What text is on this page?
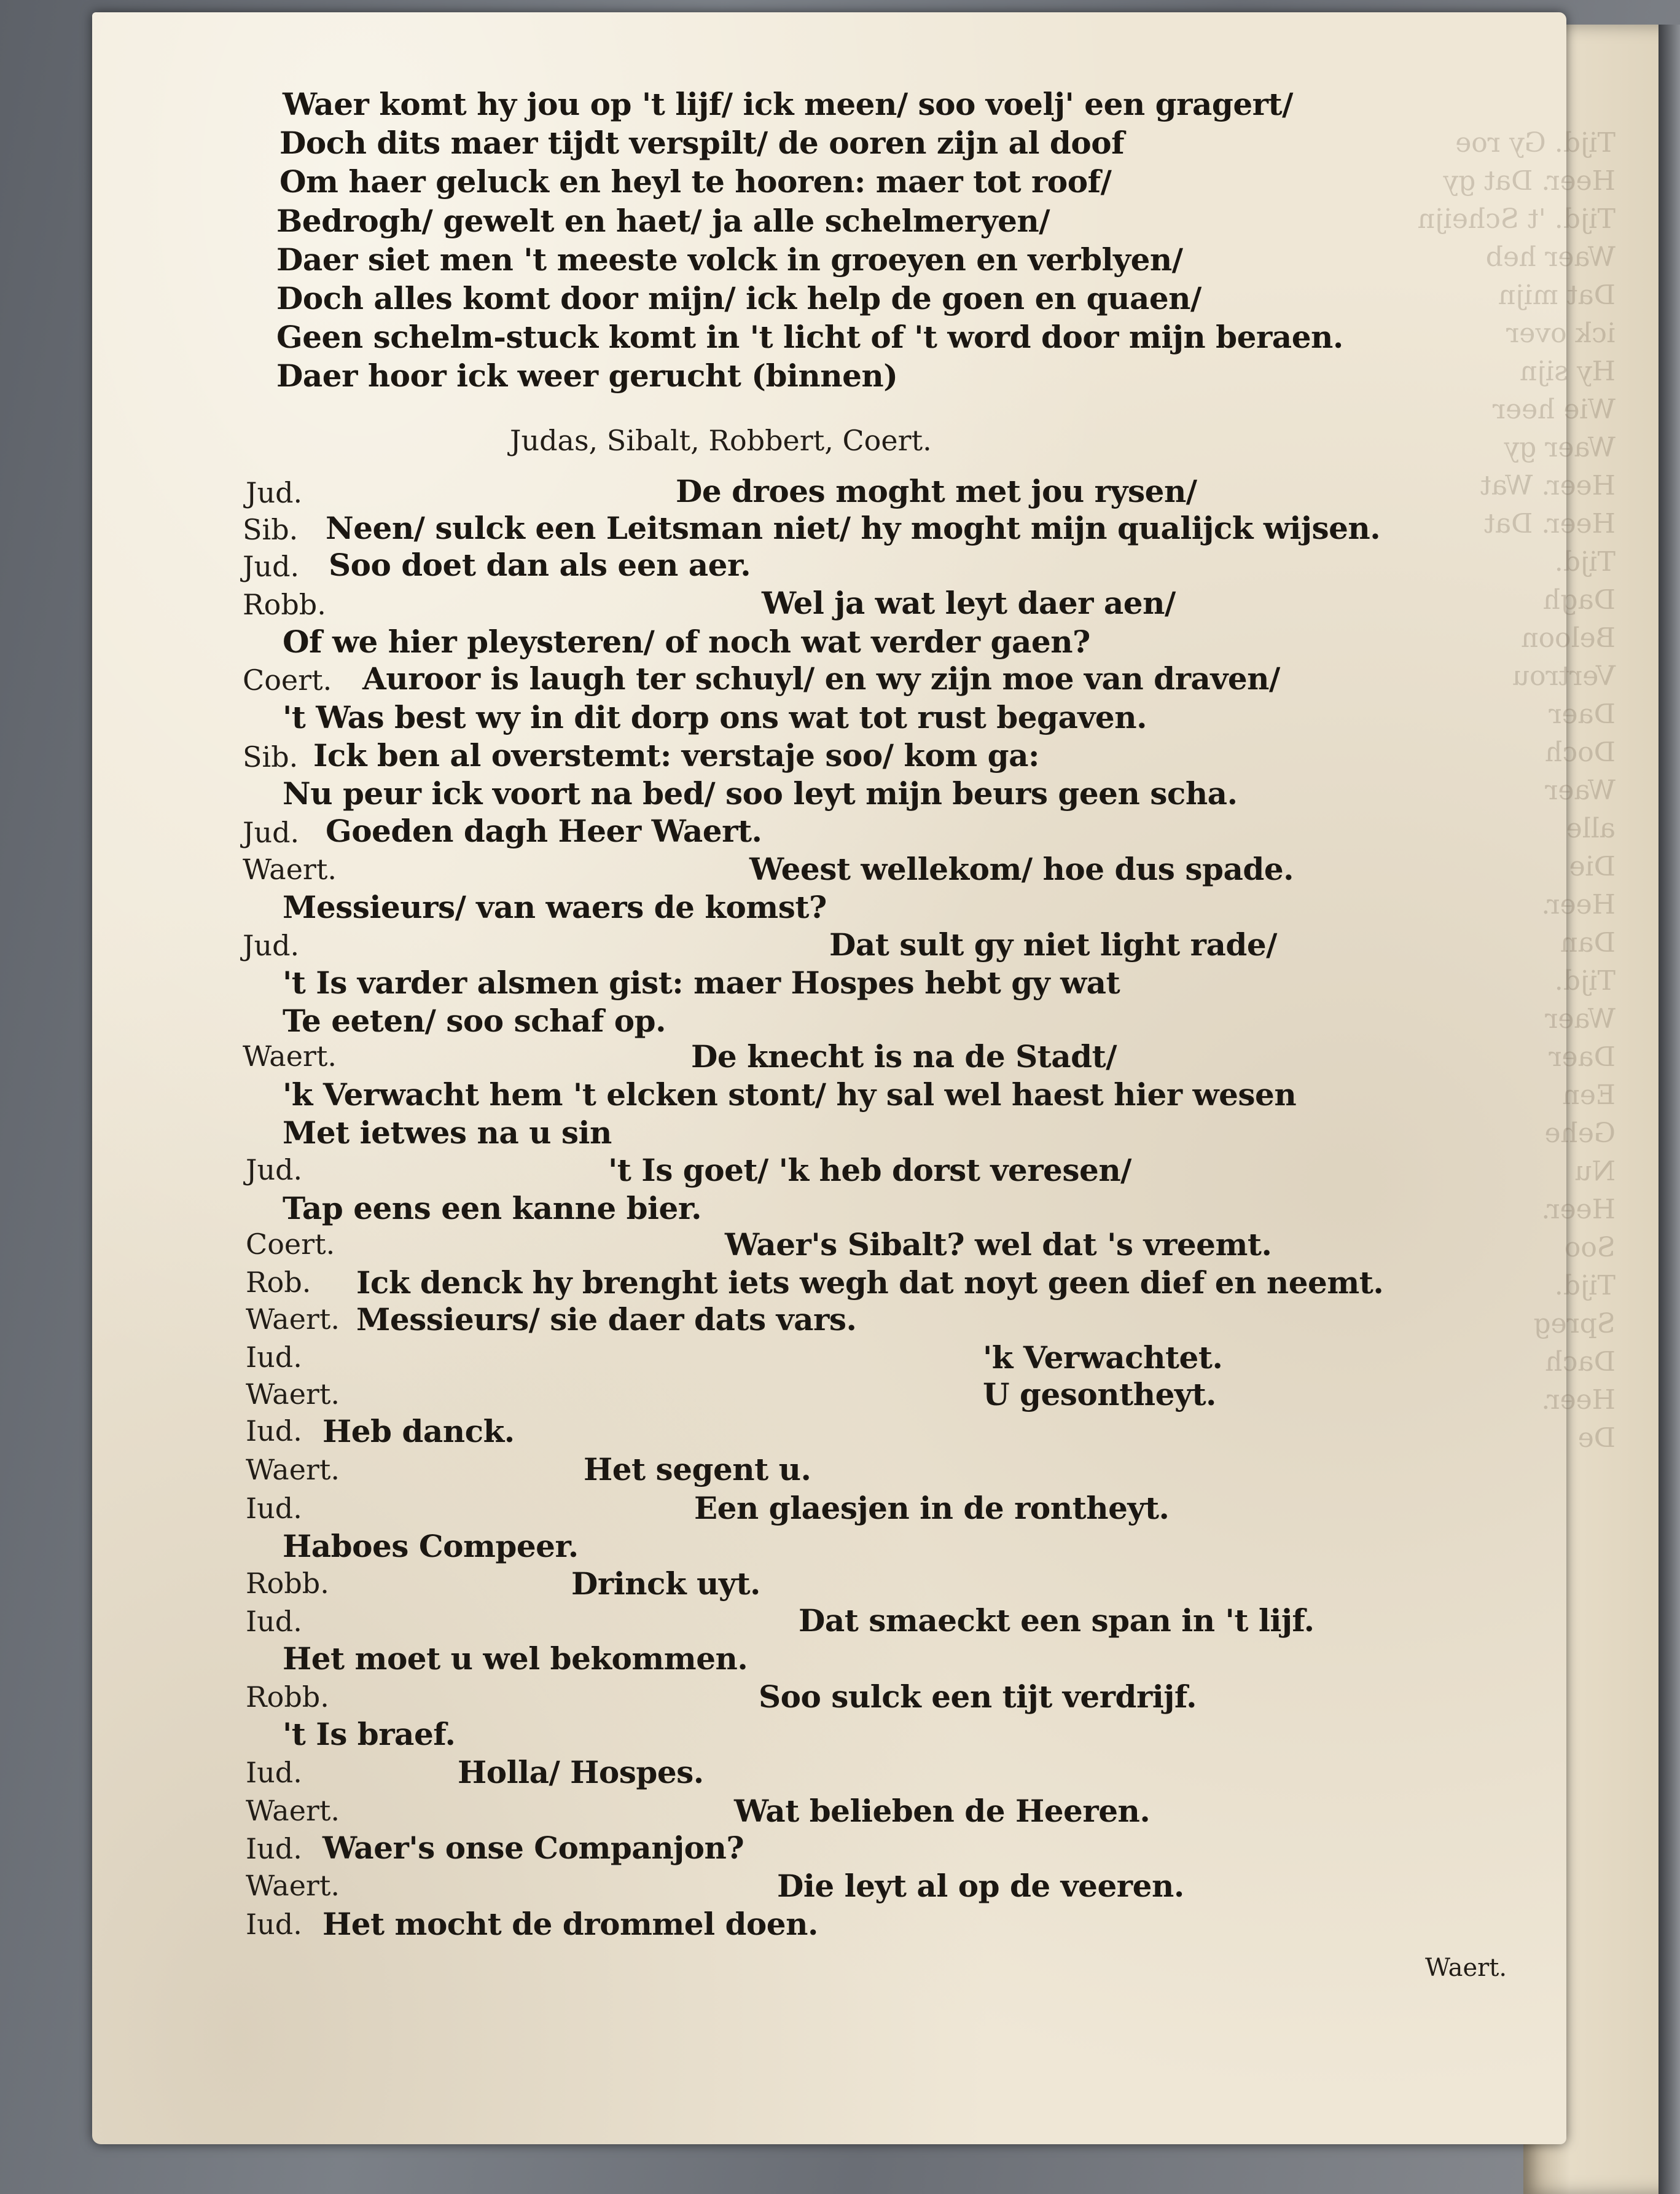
Tijd. Gy roe
Heer. Dat gy
Tijd. 't Scheijn
Waer heb
Dat mijn
ick over
Hy sijn
Wie heer
Waer gy
Heer. Wat
Heer. Dat
Tijd.
Dagh
Beloon
Vertrou
Daer
Doch
Waer
alle
Die
Heer.
Dan
Tijd.
Waer
Daer
Een
Gehe
Nu
Heer.
Soo
Tijd.
Spreg
Dach
Heer.
De

Waer komt hy jou op 't lijf/ ick meen/ soo voelj' een gragert/
Doch dits maer tijdt verspilt/ de ooren zijn al doof
Om haer geluck en heyl te hooren: maer tot roof/
Bedrogh/ gewelt en haet/ ja alle schelmeryen/
Daer siet men 't meeste volck in groeyen en verblyen/
Doch alles komt door mijn/ ick help de goen en quaen/
Geen schelm-stuck komt in 't licht of 't word door mijn beraen.
Daer hoor ick weer gerucht (binnen)
Judas, Sibalt, Robbert, Coert.
Jud.
Sib.
Jud.
Robb.
Coert.
Sib.
Jud.
Waert.
Jud.
Waert.
Jud.
Coert.
Rob.
Waert.
Iud.
Waert.
Iud.
Waert.
Iud.
Robb.
Iud.
Robb.
Iud.
Waert.
Iud.
Waert.
Iud.
De droes moght met jou rysen/
Neen/ sulck een Leitsman niet/ hy moght mijn qualijck wijsen.
Soo doet dan als een aer.
Wel ja wat leyt daer aen/
Of we hier pleysteren/ of noch wat verder gaen?
Auroor is laugh ter schuyl/ en wy zijn moe van draven/
't Was best wy in dit dorp ons wat tot rust begaven.
Ick ben al overstemt: verstaje soo/ kom ga:
Nu peur ick voort na bed/ soo leyt mijn beurs geen scha.
Goeden dagh Heer Waert.
Weest wellekom/ hoe dus spade.
Messieurs/ van waers de komst?
Dat sult gy niet light rade/
't Is varder alsmen gist: maer Hospes hebt gy wat
Te eeten/ soo schaf op.
De knecht is na de Stadt/
'k Verwacht hem 't elcken stont/ hy sal wel haest hier wesen
Met ietwes na u sin
't Is goet/ 'k heb dorst veresen/
Tap eens een kanne bier.
Waer's Sibalt? wel dat 's vreemt.
Ick denck hy brenght iets wegh dat noyt geen dief en neemt.
Messieurs/ sie daer dats vars.
'k Verwachtet.
U gesontheyt.
Heb danck.
Het segent u.
Een glaesjen in de rontheyt.
Haboes Compeer.
Drinck uyt.
Dat smaeckt een span in 't lijf.
Het moet u wel bekommen.
Soo sulck een tijt verdrijf.
't Is braef.
Holla/ Hospes.
Wat belieben de Heeren.
Waer's onse Companjon?
Die leyt al op de veeren.
Het mocht de drommel doen.
Waert.
